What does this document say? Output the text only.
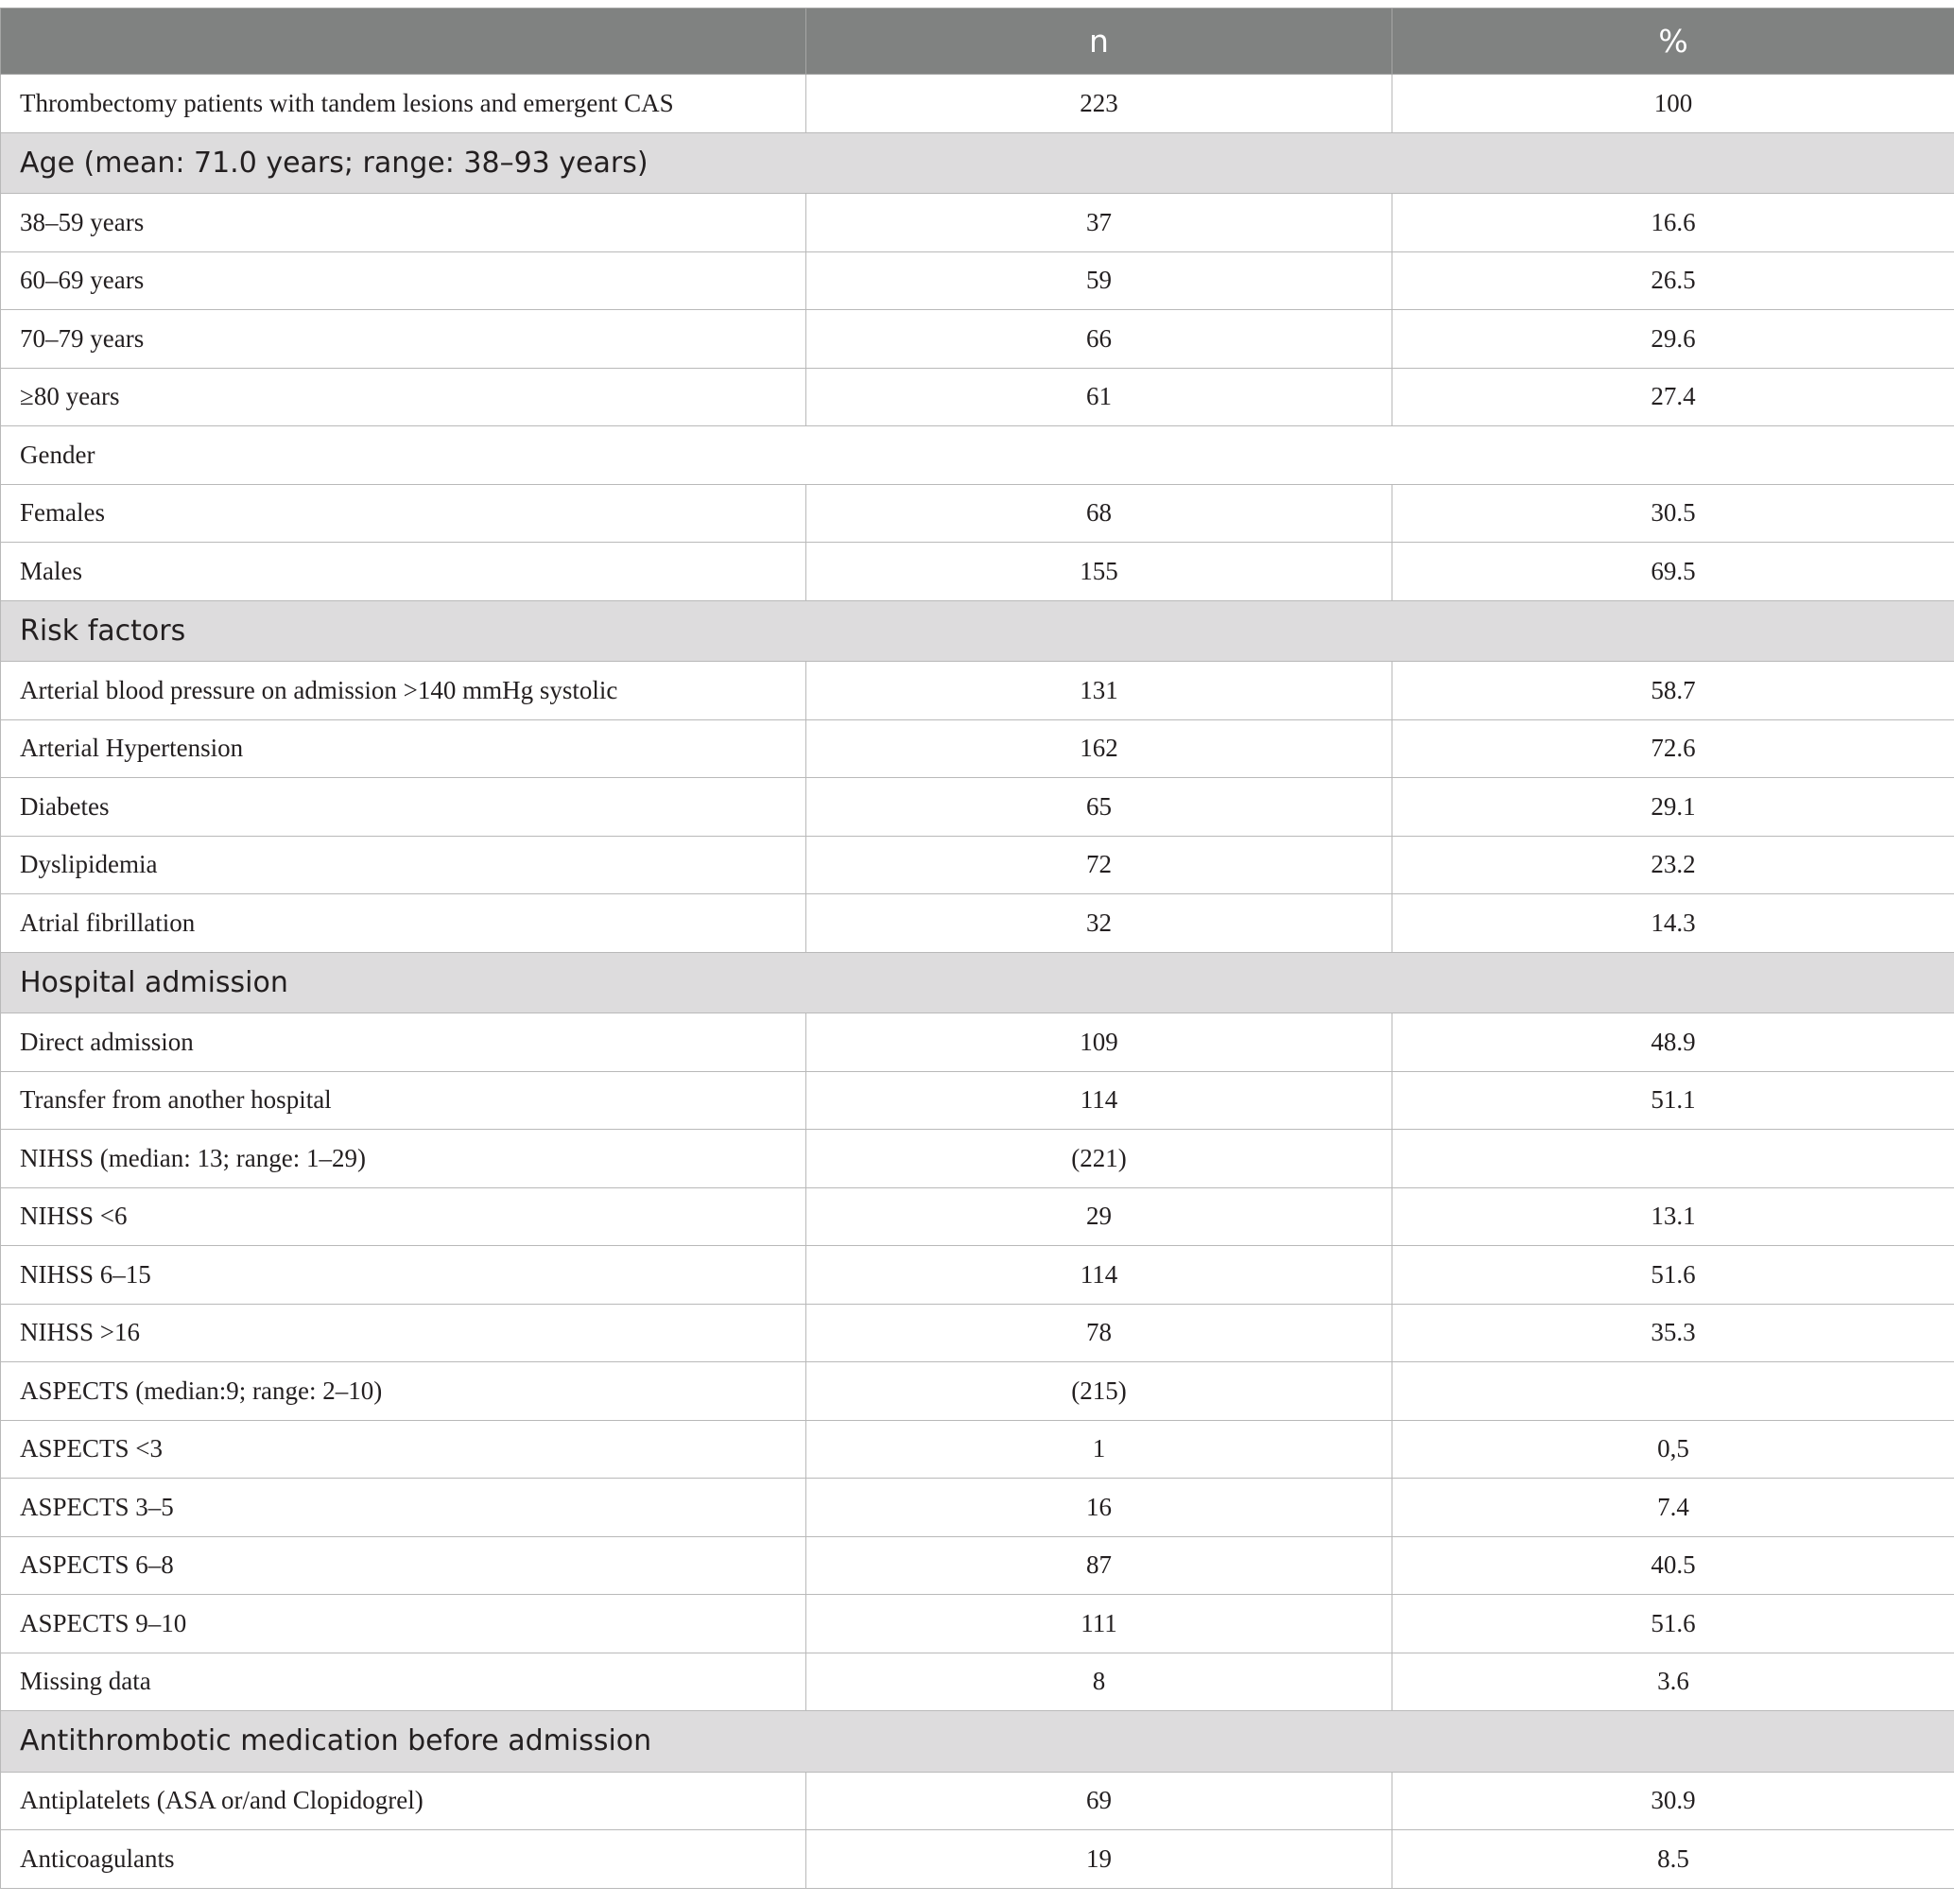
	n	%
Thrombectomy patients with tandem lesions and emergent CAS	223	100
Age (mean: 71.0 years; range: 38–93 years)		
38–59 years	37	16.6
60–69 years	59	26.5
70–79 years	66	29.6
≥80 years	61	27.4
Gender		
Females	68	30.5
Males	155	69.5
Risk factors		
Arterial blood pressure on admission >140 mmHg systolic	131	58.7
Arterial Hypertension	162	72.6
Diabetes	65	29.1
Dyslipidemia	72	23.2
Atrial fibrillation	32	14.3
Hospital admission		
Direct admission	109	48.9
Transfer from another hospital	114	51.1
NIHSS (median: 13; range: 1–29)	(221)	
NIHSS <6	29	13.1
NIHSS 6–15	114	51.6
NIHSS >16	78	35.3
ASPECTS (median:9; range: 2–10)	(215)	
ASPECTS <3	1	0,5
ASPECTS 3–5	16	7.4
ASPECTS 6–8	87	40.5
ASPECTS 9–10	111	51.6
Missing data	8	3.6
Antithrombotic medication before admission		
Antiplatelets (ASA or/and Clopidogrel)	69	30.9
Anticoagulants	19	8.5
